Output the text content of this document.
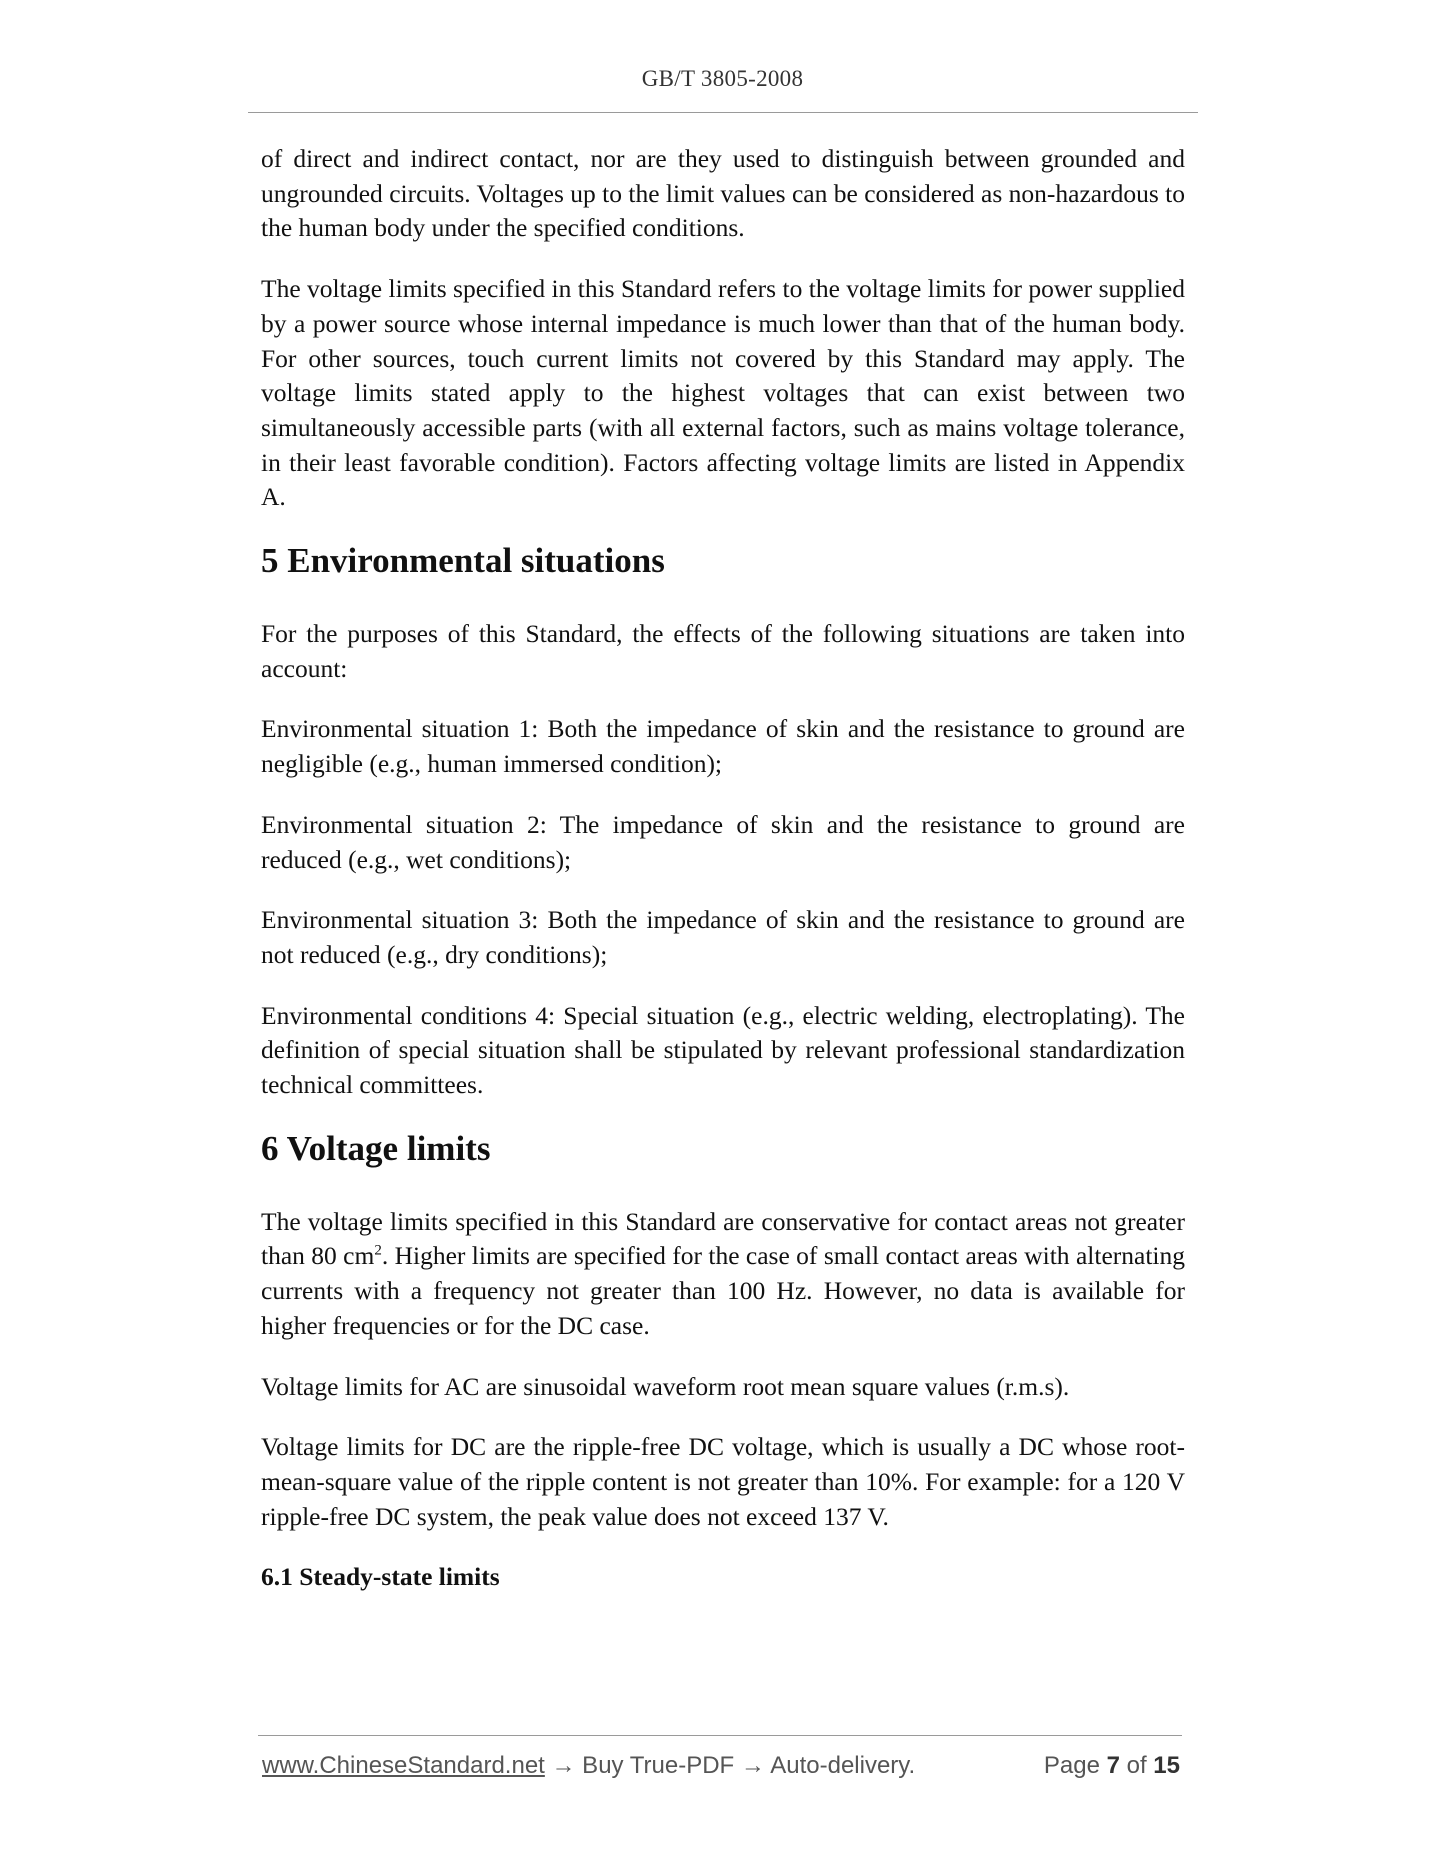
GB/T 3805-2008

of direct and indirect contact, nor are they used to distinguish between grounded and ungrounded circuits. Voltages up to the limit values can be considered as non-hazardous to the human body under the specified conditions.

The voltage limits specified in this Standard refers to the voltage limits for power supplied by a power source whose internal impedance is much lower than that of the human body. For other sources, touch current limits not covered by this Standard may apply. The voltage limits stated apply to the highest voltages that can exist between two simultaneously accessible parts (with all external factors, such as mains voltage tolerance, in their least favorable condition). Factors affecting voltage limits are listed in Appendix A.

5 Environmental situations

For the purposes of this Standard, the effects of the following situations are taken into account:

Environmental situation 1: Both the impedance of skin and the resistance to ground are negligible (e.g., human immersed condition);

Environmental situation 2: The impedance of skin and the resistance to ground are reduced (e.g., wet conditions);

Environmental situation 3: Both the impedance of skin and the resistance to ground are not reduced (e.g., dry conditions);

Environmental conditions 4: Special situation (e.g., electric welding, electroplating). The definition of special situation shall be stipulated by relevant professional standardization technical committees.

6 Voltage limits

The voltage limits specified in this Standard are conservative for contact areas not greater than 80 $cm^2$. Higher limits are specified for the case of small contact areas with alternating currents with a frequency not greater than 100 Hz. However, no data is available for higher frequencies or for the DC case.

Voltage limits for AC are sinusoidal waveform root mean square values (r.m.s).

Voltage limits for DC are the ripple-free DC voltage, which is usually a DC whose root-mean-square value of the ripple content is not greater than 10%. For example: for a 120 V ripple-free DC system, the peak value does not exceed 137 V.

6.1 Steady-state limits
www.ChineseStandard.net → Buy True-PDF → Auto-delivery.	Page 7 of 15
